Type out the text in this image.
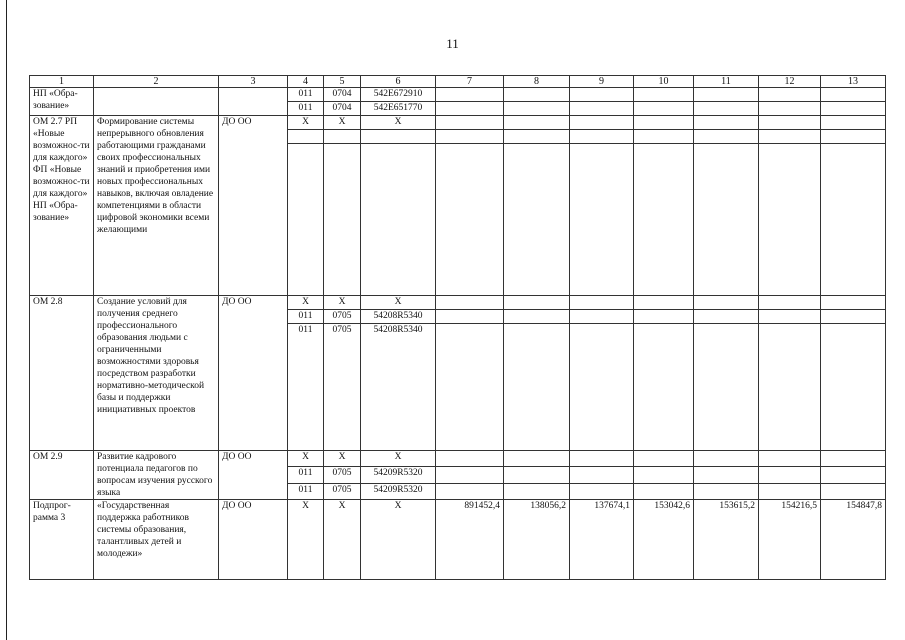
11
1	2	3	4	5	6	7	8	9	10	11	12	13
НП «Обра-зование»			011	0704	542E672910							
			011	0704	542E651770							
ОМ 2.7 РП «Новые возможнос-ти для каждого» ФП «Новые возможнос-ти для каждого» НП «Обра-зование»	Формирование системы непрерывного обновления работающими гражданами своих профессиональных знаний и приобретения ими новых профессиональных навыков, включая овладение компетенциями в области цифровой экономики всеми желающими	ДО ОО	Х	Х	Х							

ОМ 2.8	Создание условий для получения среднего профессионального образования людьми с ограниченными возможностями здоровья посредством разработки нормативно-методической базы и поддержки инициативных проектов	ДО ОО	Х	Х	Х							
			011	0705	54208R5340							
			011	0705	54208R5340							
ОМ 2.9	Развитие кадрового потенциала педагогов по вопросам изучения русского языка	ДО ОО	Х	Х	Х							
			011	0705	54209R5320							
			011	0705	54209R5320							
Подпрог-рамма 3	«Государственная поддержка работников системы образования, талантливых детей и молодежи»	ДО ОО	Х	Х	Х	891452,4	138056,2	137674,1	153042,6	153615,2	154216,5	154847,8
